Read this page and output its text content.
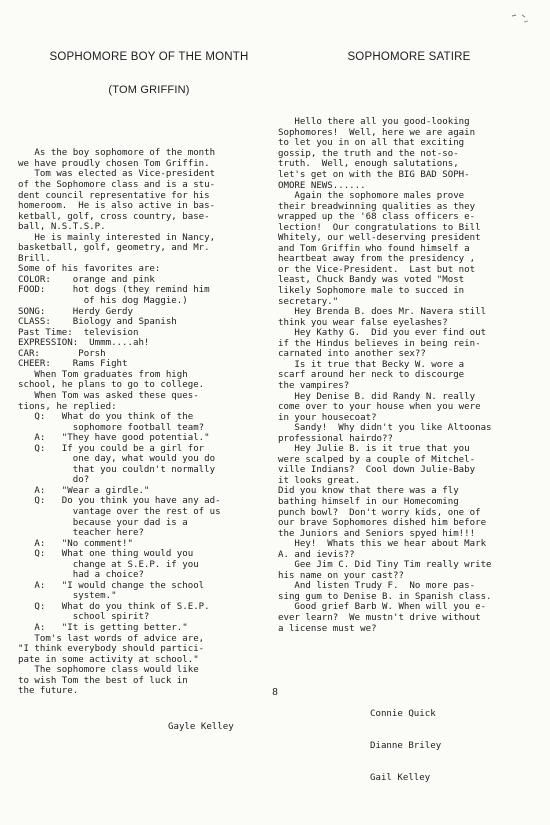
SOPHOMORE BOY OF THE MONTH

(TOM GRIFFIN)

As the boy sophomore of the month
we have proudly chosen Tom Griffin.
Tom was elected as Vice-president
of the Sophomore class and is a stu-
dent council representative for his
homeroom.  He is also active in bas-
ketball, golf, cross country, base-
ball, N.S.T.S.P.
He is mainly interested in Nancy,
basketball, golf, geometry, and Mr.
Brill.
Some of his favorites are:
COLOR:    orange and pink
FOOD:     hot dogs (they remind him
of his dog Maggie.)
SONG:     Herdy Gerdy
CLASS:    Biology and Spanish
Past Time:  television
EXPRESSION:  Ummm....ah!
CAR:       Porsh
CHEER:    Rams Fight
When Tom graduates from high
school, he plans to go to college.
When Tom was asked these ques-
tions, he replied:
Q:   What do you think of the
sophomore football team?
A:   "They have good potential."
Q:   If you could be a girl for
one day, what would you do
that you couldn't normally
do?
A:   "Wear a girdle."
Q:   Do you think you have any ad-
vantage over the rest of us
because your dad is a
teacher here?
A:   "No comment!"
Q:   What one thing would you
change at S.E.P. if you
had a choice?
A:   "I would change the school
system."
Q:   What do you think of S.E.P.
school spirit?
A:   "It is getting better."
Tom's last words of advice are,
"I think everybody should partici-
pate in some activity at school."
The sophomore class would like
to wish Tom the best of luck in
the future.

Gayle Kelley

SOPHOMORE SATIRE

Hello there all you good-looking
Sophomores!  Well, here we are again
to let you in on all that exciting
gossip, the truth and the not-so-
truth.  Well, enough salutations,
let's get on with the BIG BAD SOPH-
OMORE NEWS......
Again the sophomore males prove
their breadwinning qualities as they
wrapped up the '68 class officers e-
lection!  Our congratulations to Bill
Whitely, our well-deserving president
and Tom Griffin who found himself a
heartbeat away from the presidency ,
or the Vice-President.  Last but not
least, Chuck Bandy was voted "Most
likely Sophomore male to succed in
secretary."
Hey Brenda B. does Mr. Navera still
think you wear false eyelashes?
Hey Kathy G.  Did you ever find out
if the Hindus believes in being rein-
carnated into another sex??
Is it true that Becky W. wore a
scarf around her neck to discourge
the vampires?
Hey Denise B. did Randy N. really
come over to your house when you were
in your housecoat?
Sandy!  Why didn't you like Altoonas
professional hairdo??
Hey Julie B. is it true that you
were scalped by a couple of Mitchel-
ville Indians?  Cool down Julie-Baby
it looks great.
Did you know that there was a fly
bathing himself in our Homecoming
punch bowl?  Don't worry kids, one of
our brave Sophomores dished him before
the Juniors and Seniors spyed him!!!
Hey!  Whats this we hear about Mark
A. and ievis??
Gee Jim C. Did Tiny Tim really write
his name on your cast??
And listen Trudy F.  No more pas-
sing gum to Denise B. in Spanish class.
Good grief Barb W. When will you e-
ever learn?  We mustn't drive without
a license must we?

Connie Quick

Dianne Briley

Gail Kelley

8
